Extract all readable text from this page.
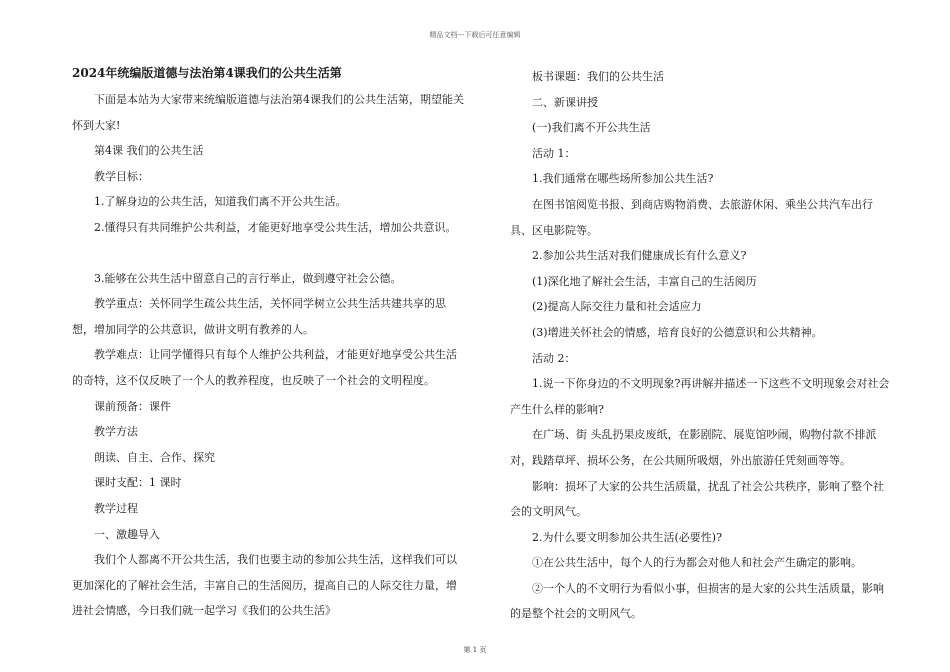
精品文档---下载后可任意编辑
2024年统编版道德与法治第4课我们的公共生活第
下面是本站为大家带来统编版道德与法治第4课我们的公共生活第，期望能关怀到大家!
第4课 我们的公共生活
教学目标：
1.了解身边的公共生活，知道我们离不开公共生活。
2.懂得只有共同维护公共利益，才能更好地享受公共生活，增加公共意识。
3.能够在公共生活中留意自己的言行举止，做到遵守社会公德。
教学重点：关怀同学生疏公共生活，关怀同学树立公共生活共建共享的思想，增加同学的公共意识，做讲文明有教养的人。
教学难点：让同学懂得只有每个人维护公共利益，才能更好地享受公共生活的奇特，这不仅反映了一个人的教养程度，也反映了一个社会的文明程度。
课前预备：课件
教学方法
朗读、自主、合作、探究
课时支配：1 课时
教学过程
一、激趣导入
我们个人都离不开公共生活，我们也要主动的参加公共生活，这样我们可以更加深化的了解社会生活，丰富自己的生活阅历，提高自己的人际交往力量，增进社会情感，今日我们就一起学习《我们的公共生活》
板书课题：我们的公共生活
二、新课讲授
(一)我们离不开公共生活
活动 1：
1.我们通常在哪些场所参加公共生活?
在图书馆阅览书报、到商店购物消费、去旅游休闲、乘坐公共汽车出行具、区电影院等。
2.参加公共生活对我们健康成长有什么意义?
(1)深化地了解社会生活，丰富自己的生活阅历
(2)提高人际交往力量和社会适应力
(3)增进关怀社会的情感，培育良好的公德意识和公共精神。
活动 2：
1.说一下你身边的不文明现象?再讲解并描述一下这些不文明现象会对社会产生什么样的影响?
在广场、街 头乱扔果皮废纸，在影剧院、展览馆吵闹，购物付款不排派对，践踏草坪、损坏公务，在公共厕所吸烟，外出旅游任凭刻画等等。
影响：损坏了大家的公共生活质量，扰乱了社会公共秩序，影响了整个社会的文明风气。
2.为什么要文明参加公共生活(必要性)?
①在公共生活中，每个人的行为都会对他人和社会产生确定的影响。
②一个人的不文明行为看似小事，但损害的是大家的公共生活质量，影响的是整个社会的文明风气。
第 1 页
